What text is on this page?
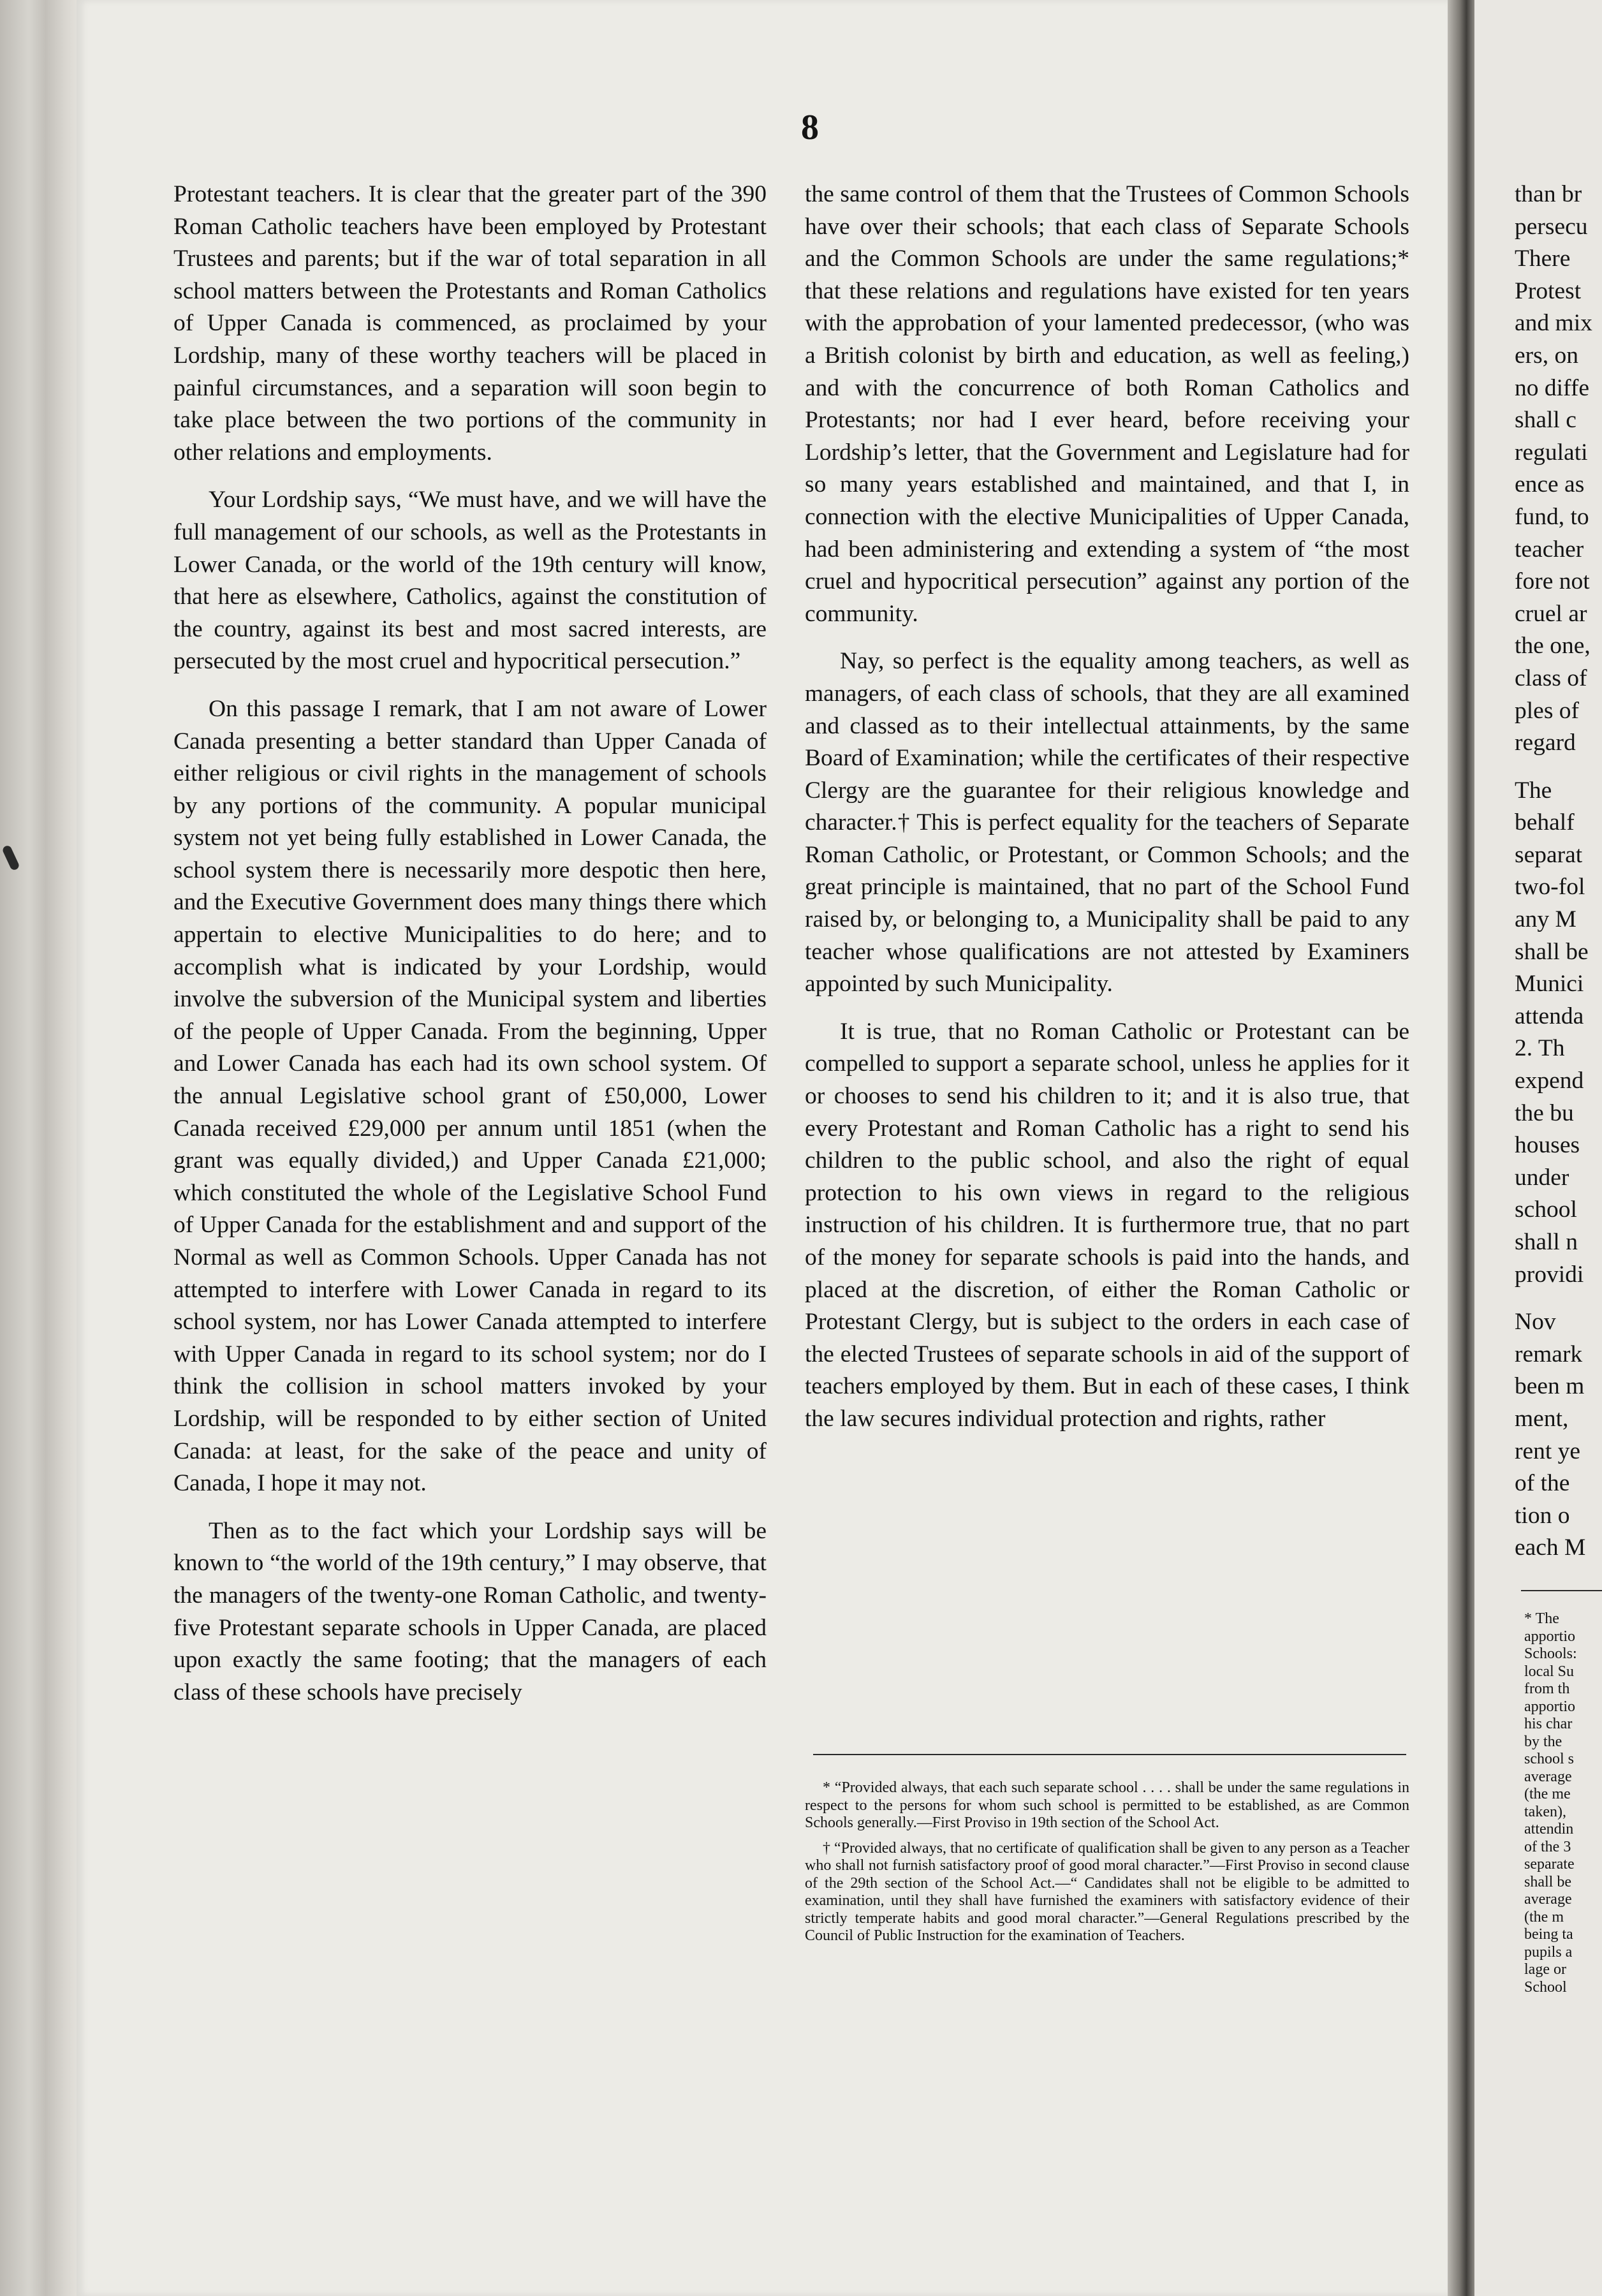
8

Protestant teachers. It is clear that the greater part of the 390 Roman Catholic teachers have been employed by Protestant Trustees and parents; but if the war of total separation in all school matters between the Protestants and Roman Catholics of Upper Canada is commenced, as proclaimed by your Lordship, many of these worthy teachers will be placed in painful circumstances, and a separation will soon begin to take place between the two portions of the community in other relations and employments.

Your Lordship says, “We must have, and we will have the full management of our schools, as well as the Protestants in Lower Canada, or the world of the 19th century will know, that here as elsewhere, Catholics, against the constitution of the country, against its best and most sacred interests, are persecuted by the most cruel and hypocritical persecution.”

On this passage I remark, that I am not aware of Lower Canada presenting a better standard than Upper Canada of either religious or civil rights in the management of schools by any portions of the community. A popular municipal system not yet being fully established in Lower Canada, the school system there is necessarily more despotic then here, and the Executive Government does many things there which appertain to elective Municipalities to do here; and to accomplish what is indicated by your Lordship, would involve the subversion of the Municipal system and liberties of the people of Upper Canada. From the beginning, Upper and Lower Canada has each had its own school system. Of the annual Legislative school grant of £50,000, Lower Canada received £29,000 per annum until 1851 (when the grant was equally divided,) and Upper Canada £21,000; which constituted the whole of the Legislative School Fund of Upper Canada for the establishment and and support of the Normal as well as Common Schools. Upper Canada has not attempted to interfere with Lower Canada in regard to its school system, nor has Lower Canada attempted to interfere with Upper Canada in regard to its school system; nor do I think the collision in school matters invoked by your Lordship, will be responded to by either section of United Canada: at least, for the sake of the peace and unity of Canada, I hope it may not.

Then as to the fact which your Lordship says will be known to “the world of the 19th century,” I may observe, that the managers of the twenty-one Roman Catholic, and twenty-five Protestant separate schools in Upper Canada, are placed upon exactly the same footing; that the managers of each class of these schools have precisely

the same control of them that the Trustees of Common Schools have over their schools; that each class of Separate Schools and the Common Schools are under the same regulations;* that these relations and regulations have existed for ten years with the approbation of your lamented predecessor, (who was a British colonist by birth and education, as well as feeling,) and with the concurrence of both Roman Catholics and Protestants; nor had I ever heard, before receiving your Lordship’s letter, that the Government and Legislature had for so many years established and maintained, and that I, in connection with the elective Municipalities of Upper Canada, had been administering and extending a system of “the most cruel and hypocritical persecution” against any portion of the community.

Nay, so perfect is the equality among teachers, as well as managers, of each class of schools, that they are all examined and classed as to their intellectual attainments, by the same Board of Examination; while the certificates of their respective Clergy are the guarantee for their religious knowledge and character.† This is perfect equality for the teachers of Separate Roman Catholic, or Protestant, or Common Schools; and the great principle is maintained, that no part of the School Fund raised by, or belonging to, a Municipality shall be paid to any teacher whose qualifications are not attested by Examiners appointed by such Municipality.

It is true, that no Roman Catholic or Protestant can be compelled to support a separate school, unless he applies for it or chooses to send his children to it; and it is also true, that every Protestant and Roman Catholic has a right to send his children to the public school, and also the right of equal protection to his own views in regard to the religious instruction of his children. It is furthermore true, that no part of the money for separate schools is paid into the hands, and placed at the discretion, of either the Roman Catholic or Protestant Clergy, but is subject to the orders in each case of the elected Trustees of separate schools in aid of the support of teachers employed by them. But in each of these cases, I think the law secures individual protection and rights, rather

* “Provided always, that each such separate school . . . . shall be under the same regulations in respect to the persons for whom such school is permitted to be established, as are Common Schools generally.—First Proviso in 19th section of the School Act.

† “Provided always, that no certificate of qualification shall be given to any person as a Teacher who shall not furnish satisfactory proof of good moral character.”—First Proviso in second clause of the 29th section of the School Act.—“ Candidates shall not be eligible to be admitted to examination, until they shall have furnished the examiners with satisfactory evidence of their strictly temperate habits and good moral character.”—General Regulations prescribed by the Council of Public Instruction for the examination of Teachers.

than br
persecu
There
Protest
and mix
ers, on
no diffe
shall c
regulati
ence as
fund, to
teacher
fore not
cruel ar
the one,
class of
ples of
regard
The
behalf
separat
two-fol
any M
shall be
Munici
attenda
2. Th
expend
the bu
houses
under
school
shall n
providi
Nov
remark
been m
ment,
rent ye
of the
tion o
each M
* The
apportio
Schools:
local Su
from th
apportio
his char
by the
school s
average
(the me
taken),
attendin
of the 3
separate
shall be
average
(the m
being ta
pupils a
lage or
School
